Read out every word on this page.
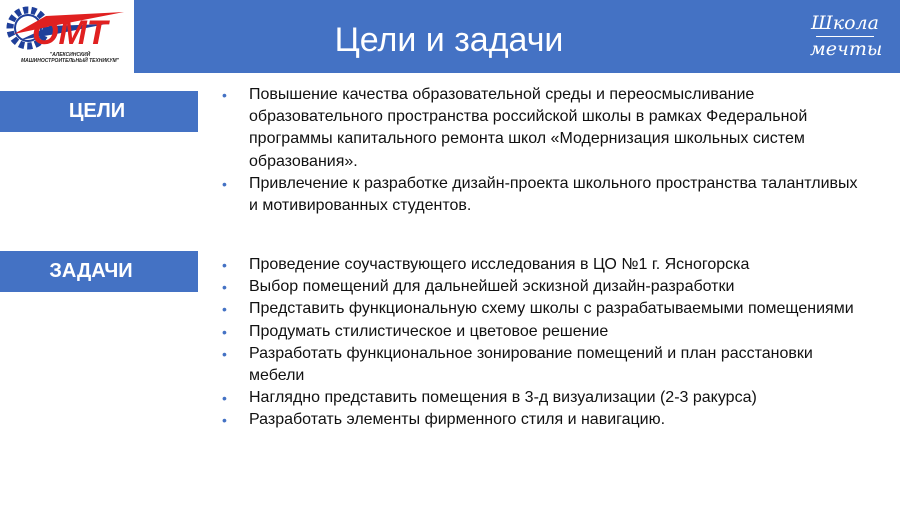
ОМТ
"АЛЕКСИНСКИЙ МАШИНОСТРОИТЕЛЬНЫЙ ТЕХНИКУМ"
Цели и задачи	Школа
мечты
ЦЕЛИ
• Повышение качества образовательной среды и переосмысливание образовательного пространства российской школы в рамках Федеральной программы капитального ремонта школ «Модернизация школьных систем образования».
• Привлечение к разработке дизайн-проекта школьного пространства талантливых и мотивированных студентов.
ЗАДАЧИ	• Проведение соучаствующего исследования в ЦО №1 г. Ясногорска
• Выбор помещений для дальнейшей эскизной дизайн-разработки
• Представить функциональную схему школы с разрабатываемыми помещениями
• Продумать стилистическое и цветовое решение
• Разработать функциональное зонирование помещений и план расстановки мебели
• Наглядно представить помещения в 3-д визуализации (2-3 ракурса)
• Разработать элементы фирменного стиля и навигацию.
